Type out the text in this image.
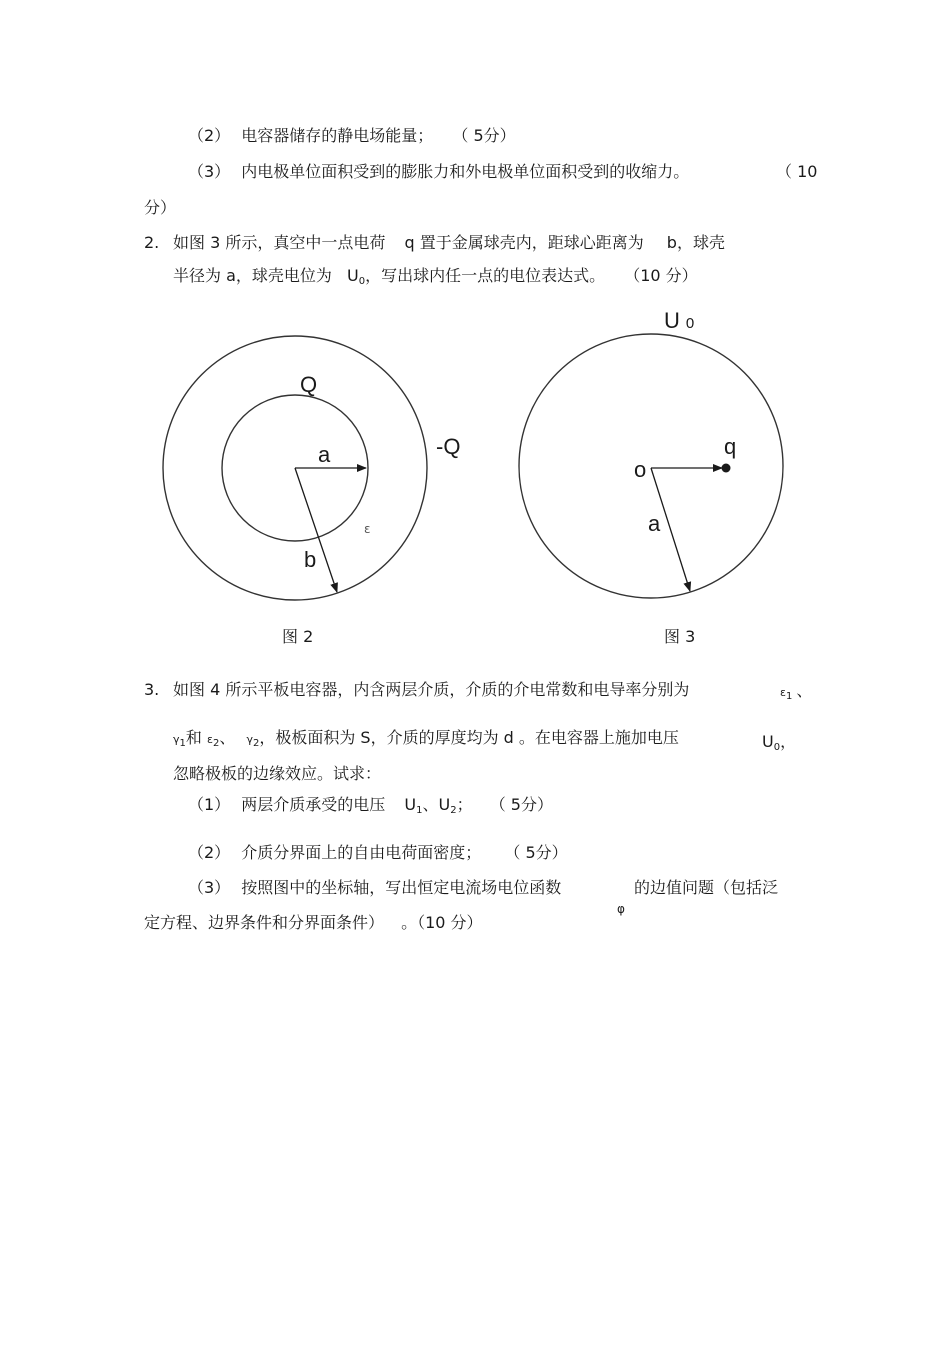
（2） 电容器储存的静电场能量； （ 5分）
（3） 内电极单位面积受到的膨胀力和外电极单位面积受到的收缩力。	（ 10
分）
2. 如图 3 所示，真空中一点电荷 q 置于金属球壳内，距球心距离为 b，球壳
半径为 a，球壳电位为 $U_0$，写出球内任一点的电位表达式。 （10 分）
Q
-Q
a
b
ε
图 2
U 0
q
o
a
图 3
3. 如图 4 所示平板电容器，内含两层介质，介质的介电常数和电导率分别为	$\varepsilon_1$ 、
$\gamma_1$和 $\varepsilon_2$、 $\gamma_2$，极板面积为 S，介质的厚度均为 d 。在电容器上施加电压	$U_0$，
忽略极板的边缘效应。试求：
（1） 两层介质承受的电压 $U_1$、$U_2$； （ 5分）
（2） 介质分界面上的自由电荷面密度； （ 5分）
（3） 按照图中的坐标轴，写出恒定电流场电位函数	的边值问题（包括泛
φ
定方程、边界条件和分界面条件） 。（10 分）
